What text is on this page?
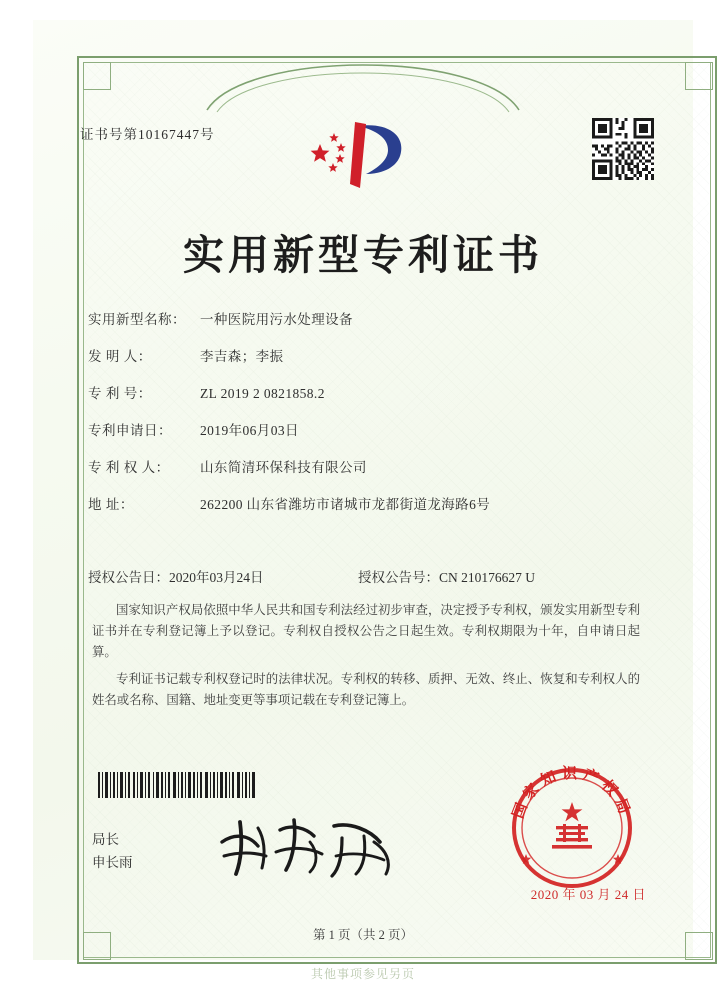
证书号第10167447号
实用新型专利证书
实用新型名称：	一种医院用污水处理设备
发 明 人：	李吉森；李振
专 利 号：	ZL 2019 2 0821858.2
专利申请日：	2019年06月03日
专 利 权 人：	山东简清环保科技有限公司
地 址：	262200 山东省潍坊市诸城市龙都街道龙海路6号
授权公告日：2020年03月24日	授权公告号：CN 210176627 U

国家知识产权局依照中华人民共和国专利法经过初步审查，决定授予专利权，颁发实用新型专利证书并在专利登记簿上予以登记。专利权自授权公告之日起生效。专利权期限为十年，自申请日起算。

专利证书记载专利权登记时的法律状况。专利权的转移、质押、无效、终止、恢复和专利权人的姓名或名称、国籍、地址变更等事项记载在专利登记簿上。

局长
申长雨
国家知识产权局
2020 年 03 月 24 日
第 1 页（共 2 页）
其他事项参见另页
